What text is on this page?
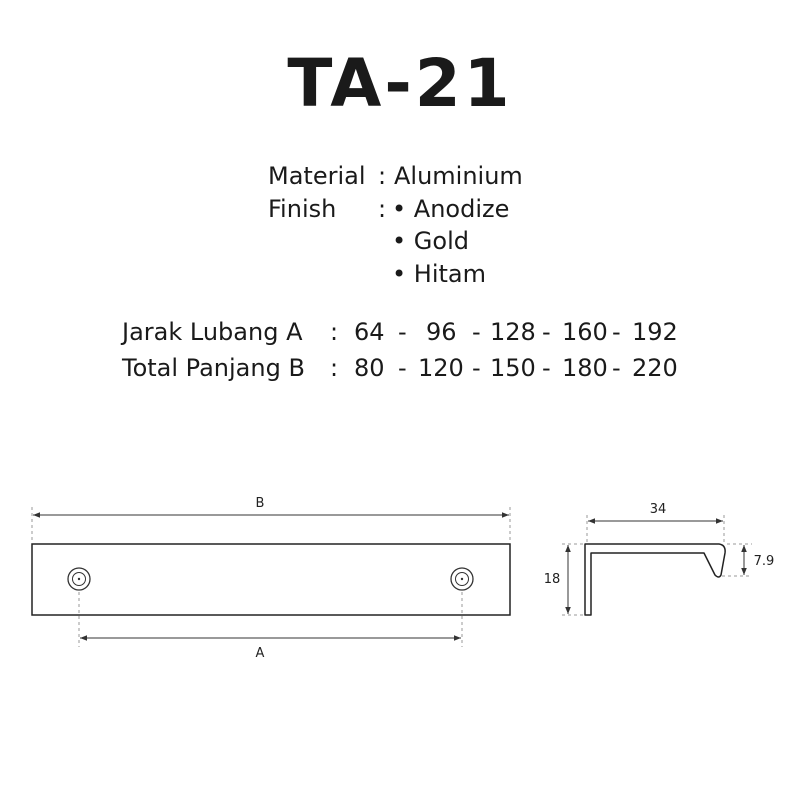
TA-21
Material : Aluminium
Finish : • Anodize
• Gold
• Hitam
Jarak Lubang A : 64 - 96 - 128 - 160 - 192
Total Panjang B : 80 - 120 - 150 - 180 - 220
B
A
34
18
7.9
